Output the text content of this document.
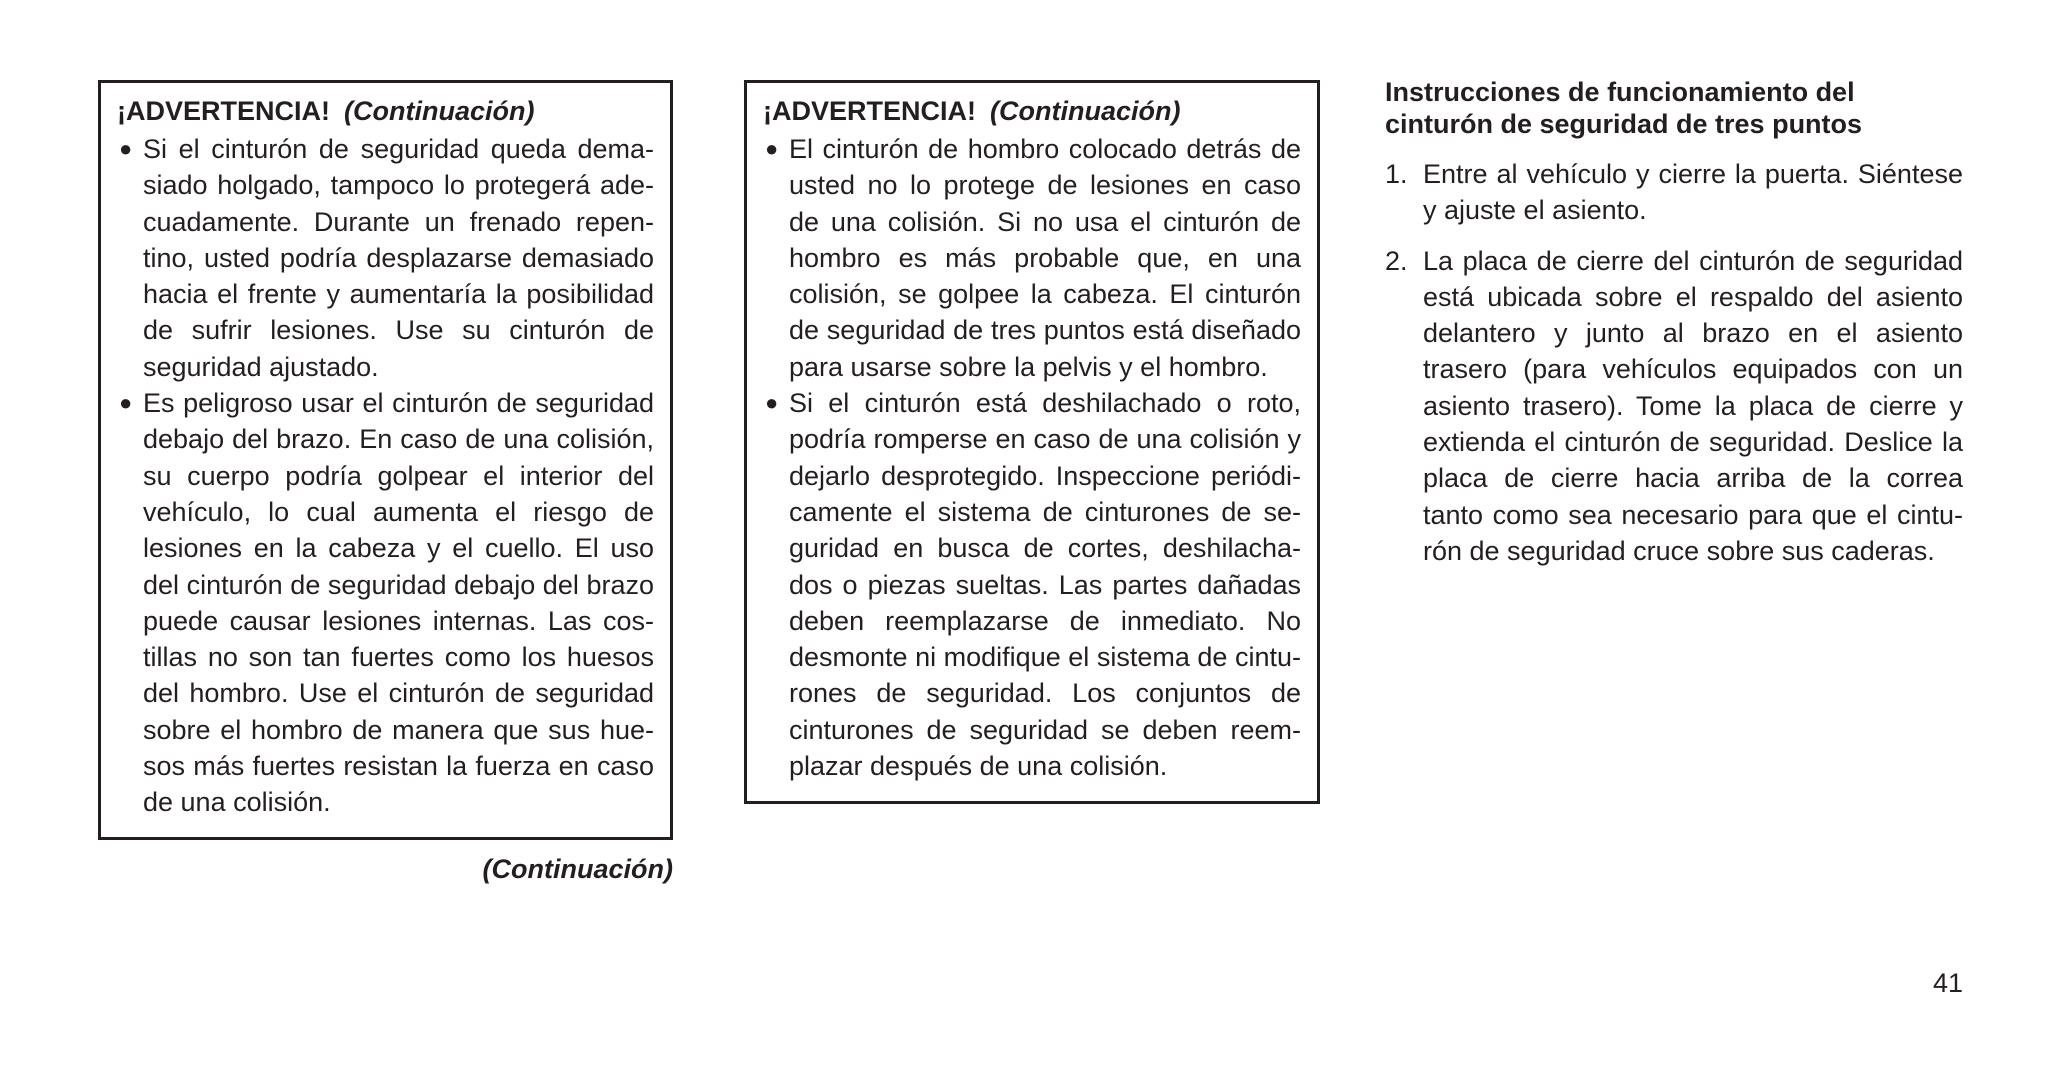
¡ADVERTENCIA! (Continuación)
● Si el cinturón de seguridad queda demasiado holgado, tampoco lo protegerá adecuadamente. Durante un frenado repentino, usted podría desplazarse demasiado hacia el frente y aumentaría la posibilidad de sufrir lesiones. Use su cinturón de seguridad ajustado.
● Es peligroso usar el cinturón de seguridad debajo del brazo. En caso de una colisión, su cuerpo podría golpear el interior del vehículo, lo cual aumenta el riesgo de lesiones en la cabeza y el cuello. El uso del cinturón de seguridad debajo del brazo puede causar lesiones internas. Las costillas no son tan fuertes como los huesos del hombro. Use el cinturón de seguridad sobre el hombro de manera que sus huesos más fuertes resistan la fuerza en caso de una colisión.
(Continuación)
¡ADVERTENCIA! (Continuación)
● El cinturón de hombro colocado detrás de usted no lo protege de lesiones en caso de una colisión. Si no usa el cinturón de hombro es más probable que, en una colisión, se golpee la cabeza. El cinturón de seguridad de tres puntos está diseñado para usarse sobre la pelvis y el hombro.
● Si el cinturón está deshilachado o roto, podría romperse en caso de una colisión y dejarlo desprotegido. Inspeccione periódicamente el sistema de cinturones de seguridad en busca de cortes, deshilachados o piezas sueltas. Las partes dañadas deben reemplazarse de inmediato. No desmonte ni modifique el sistema de cinturones de seguridad. Los conjuntos de cinturones de seguridad se deben reemplazar después de una colisión.
Instrucciones de funcionamiento del cinturón de seguridad de tres puntos
1. Entre al vehículo y cierre la puerta. Siéntese y ajuste el asiento.
2. La placa de cierre del cinturón de seguridad está ubicada sobre el respaldo del asiento delantero y junto al brazo en el asiento trasero (para vehículos equipados con un asiento trasero). Tome la placa de cierre y extienda el cinturón de seguridad. Deslice la placa de cierre hacia arriba de la correa tanto como sea necesario para que el cinturón de seguridad cruce sobre sus caderas.
41
